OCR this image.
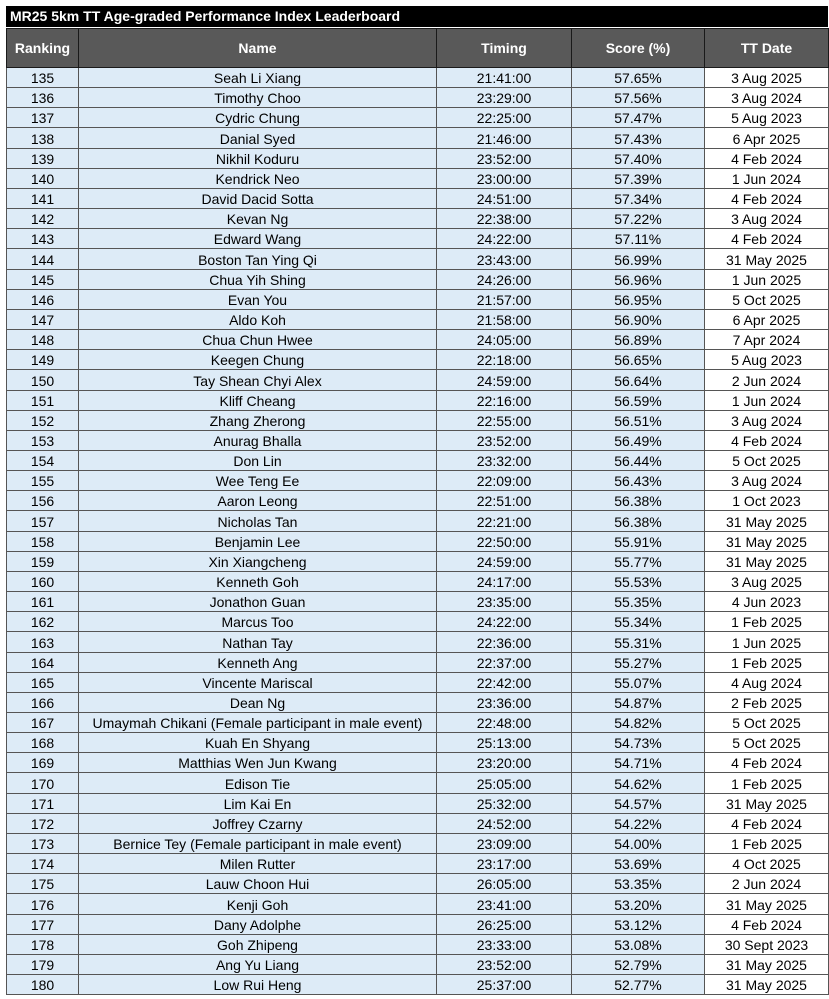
MR25 5km TT Age-graded Performance Index Leaderboard
Ranking	Name	Timing	Score (%)	TT Date
135	Seah Li Xiang	21:41:00	57.65%	3 Aug 2025
136	Timothy Choo	23:29:00	57.56%	3 Aug 2024
137	Cydric Chung	22:25:00	57.47%	5 Aug 2023
138	Danial Syed	21:46:00	57.43%	6 Apr 2025
139	Nikhil Koduru	23:52:00	57.40%	4 Feb 2024
140	Kendrick Neo	23:00:00	57.39%	1 Jun 2024
141	David Dacid Sotta	24:51:00	57.34%	4 Feb 2024
142	Kevan Ng	22:38:00	57.22%	3 Aug 2024
143	Edward Wang	24:22:00	57.11%	4 Feb 2024
144	Boston Tan Ying Qi	23:43:00	56.99%	31 May 2025
145	Chua Yih Shing	24:26:00	56.96%	1 Jun 2025
146	Evan You	21:57:00	56.95%	5 Oct 2025
147	Aldo Koh	21:58:00	56.90%	6 Apr 2025
148	Chua Chun Hwee	24:05:00	56.89%	7 Apr 2024
149	Keegen Chung	22:18:00	56.65%	5 Aug 2023
150	Tay Shean Chyi Alex	24:59:00	56.64%	2 Jun 2024
151	Kliff Cheang	22:16:00	56.59%	1 Jun 2024
152	Zhang Zherong	22:55:00	56.51%	3 Aug 2024
153	Anurag Bhalla	23:52:00	56.49%	4 Feb 2024
154	Don Lin	23:32:00	56.44%	5 Oct 2025
155	Wee Teng Ee	22:09:00	56.43%	3 Aug 2024
156	Aaron Leong	22:51:00	56.38%	1 Oct 2023
157	Nicholas Tan	22:21:00	56.38%	31 May 2025
158	Benjamin Lee	22:50:00	55.91%	31 May 2025
159	Xin Xiangcheng	24:59:00	55.77%	31 May 2025
160	Kenneth Goh	24:17:00	55.53%	3 Aug 2025
161	Jonathon Guan	23:35:00	55.35%	4 Jun 2023
162	Marcus Too	24:22:00	55.34%	1 Feb 2025
163	Nathan Tay	22:36:00	55.31%	1 Jun 2025
164	Kenneth Ang	22:37:00	55.27%	1 Feb 2025
165	Vincente Mariscal	22:42:00	55.07%	4 Aug 2024
166	Dean Ng	23:36:00	54.87%	2 Feb 2025
167	Umaymah Chikani (Female participant in male event)	22:48:00	54.82%	5 Oct 2025
168	Kuah En Shyang	25:13:00	54.73%	5 Oct 2025
169	Matthias Wen Jun Kwang	23:20:00	54.71%	4 Feb 2024
170	Edison Tie	25:05:00	54.62%	1 Feb 2025
171	Lim Kai En	25:32:00	54.57%	31 May 2025
172	Joffrey Czarny	24:52:00	54.22%	4 Feb 2024
173	Bernice Tey (Female participant in male event)	23:09:00	54.00%	1 Feb 2025
174	Milen Rutter	23:17:00	53.69%	4 Oct 2025
175	Lauw Choon Hui	26:05:00	53.35%	2 Jun 2024
176	Kenji Goh	23:41:00	53.20%	31 May 2025
177	Dany Adolphe	26:25:00	53.12%	4 Feb 2024
178	Goh Zhipeng	23:33:00	53.08%	30 Sept 2023
179	Ang Yu Liang	23:52:00	52.79%	31 May 2025
180	Low Rui Heng	25:37:00	52.77%	31 May 2025
